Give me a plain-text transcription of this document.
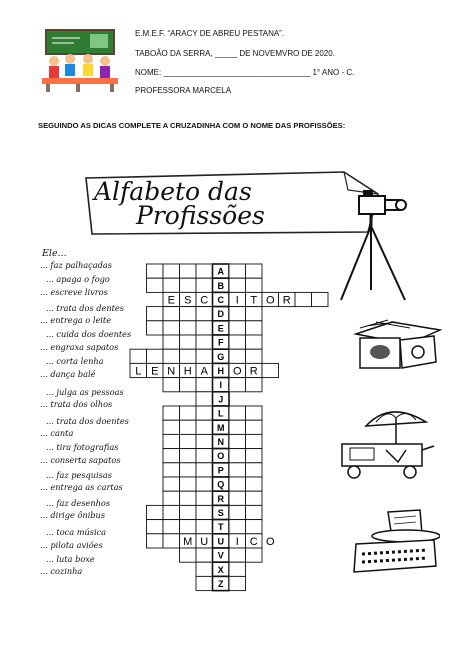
E.M.E.F. “ARACY DE ABREU PESTANA”.
TABOÃO DA SERRA, _____ DE NOVEMVRO DE 2020.
NOME: _________________________________ 1° ANO - C.
PROFESSORA MARCELA
SEGUINDO AS DICAS COMPLETE A CRUZADINHA COM O NOME DAS PROFISSÕES:
Alfabeto das
Profissões
Ele...
... faz palhaçadas
... apaga o fogo
... escreve livros
... trata dos dentes
... entrega o leite
... cuida dos doentes
... engraxa sapatos
... corta lenha
... dança balé
... julga as pessoas
... trata dos olhos
... trata dos doentes
... canta
... tira fotografias
... conserta sapatos
... faz pesquisas
... entrega as cartas
... faz desenhos
... dirige ônibus
... toca música
... pilota aviões
... luta boxe
... cozinha
A
B
C
E S C I T O R
D
E
F
G
H
L E N H A O R
I
J
L
M
N
O
P
Q
R
S
T
U
M U I C O
V
X
Z
